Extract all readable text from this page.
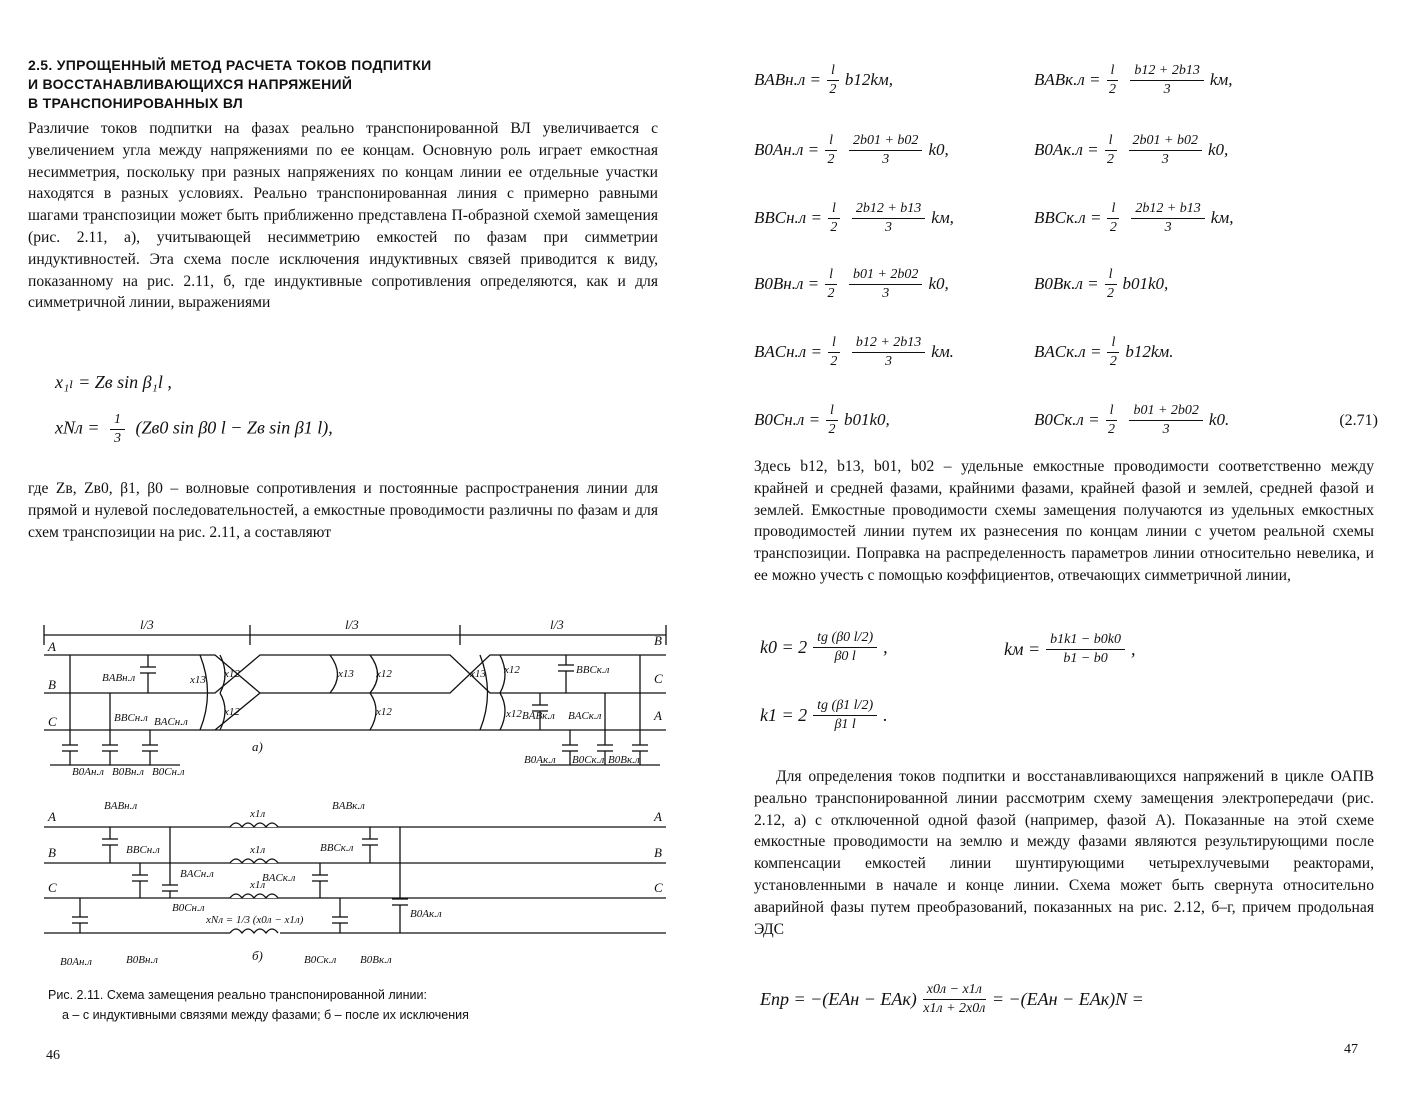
2.5. УПРОЩЕННЫЙ МЕТОД РАСЧЕТА ТОКОВ ПОДПИТКИ
И ВОССТАНАВЛИВАЮЩИХСЯ НАПРЯЖЕНИЙ
В ТРАНСПОНИРОВАННЫХ ВЛ

Различие токов подпитки на фазах реально транспонированной ВЛ увеличивается с увеличением угла между напряжениями по ее концам. Основную роль играет емкостная несимметрия, поскольку при разных напряжениях по концам линии ее отдельные участки находятся в разных условиях. Реально транспонированная линия с примерно равными шагами транспозиции может быть приближенно представлена П-образной схемой замещения (рис. 2.11, а), учитывающей несимметрию емкостей по фазам при симметрии индуктивностей. Эта схема после исключения индуктивных связей приводится к виду, показанному на рис. 2.11, б, где индуктивные сопротивления определяются, как и для симметричной линии, выражениями

x₁ₗ = Zв sin β₁l ,
xNл = $\frac{1}{3} (Zв0$ sin β0 l − Zв sin β1 l),

где Zв, Zв0, β1, β0 – волновые сопротивления и постоянные распространения линии для прямой и нулевой последовательностей, а емкостные проводимости различны по фазам и для схем транспозиции на рис. 2.11, а составляют

l/3	l/3	l/3
A
B
C
B
C
A
BABн.л
BBCн.л BACн.л
B0Aн.л B0Bн.л B0Cн.л
BBCк.л
BABк.л BACк.л
B0Aк.л B0Cк.л B0Bк.л
x13 x12
x12
x13 x12
x12
x13 x12
x12
а)
A
B
C
A
B
C
BABн.л
BBCн.л
BACн.л
B0Cн.л
BABк.л
BBCк.л
BACк.л
B0Aк.л
B0Aн.л	B0Bн.л	B0Cк.л B0Bк.л
x1л
x1л
x1л
xNл = 1/3 (x0л − x1л)
б)
Рис. 2.11. Схема замещения реально транспонированной линии:
а – с индуктивными связями между фазами; б – после их исключения
46
BABн.л = $\frac{l}{2} b12kм$,	BABк.л = $\frac{l}{2} \frac{b12 + 2b13}{3}$ kм,
$B0Aн.л = \frac{l}{2} \frac{2b01 + b02}{3} k0$,	$B0Aк.л = \frac{l}{2} \frac{2b01 + b02}{3} k0$,
BBCн.л = $\frac{l}{2} \frac{2b12 + b13}{3}$ kм,	BBCк.л = $\frac{l}{2} \frac{2b12 + b13}{3}$ kм,
$B0Bн.л = \frac{l}{2} \frac{b01 + 2b02}{3} k0$,	$B0Bк.л = \frac{l}{2} b01k0$,
BACн.л = $\frac{l}{2} \frac{b12 + 2b13}{3}$ kм.	BACк.л = $\frac{l}{2} b12kм$.
$B0Cн.л = \frac{l}{2} b01k0$,	$B0Cк.л = \frac{l}{2} \frac{b01 + 2b02}{3} k0$.	(2.71)

Здесь b12, b13, b01, b02 – удельные емкостные проводимости соответственно между крайней и средней фазами, крайними фазами, крайней фазой и землей, средней фазой и землей. Емкостные проводимости схемы замещения получаются из удельных емкостных проводимостей линии путем их разнесения по концам линии с учетом реальной схемы транспозиции. Поправка на распределенность параметров линии относительно невелика, и ее можно учесть с помощью коэффициентов, отвечающих симметричной линии,

$k0 = 2 \frac{tg (\beta 0 l/2)}{\beta 0 l}$ ,	kм = $\frac{b1k1 - b0k0}{b1 - b0}$ ,
$k1 = 2 \frac{tg (\beta 1 l/2)}{\beta 1 l}$ .

Для определения токов подпитки и восстанавливающихся напряжений в цикле ОАПВ реально транспонированной линии рассмотрим схему замещения электропередачи (рис. 2.12, а) с отключенной одной фазой (например, фазой A). Показанные на этой схеме емкостные проводимости на землю и между фазами являются результирующими после компенсации емкостей линии шунтирующими четырехлучевыми реакторами, установленными в начале и конце линии. Схема может быть свернута относительно аварийной фазы путем преобразований, показанных на рис. 2.12, б–г, причем продольная ЭДС

Eпр = $-(EAн - EAк) \frac{x0л - x1л}{x1л + 2x0л} = -(EAн - EAк)N$ =
47
